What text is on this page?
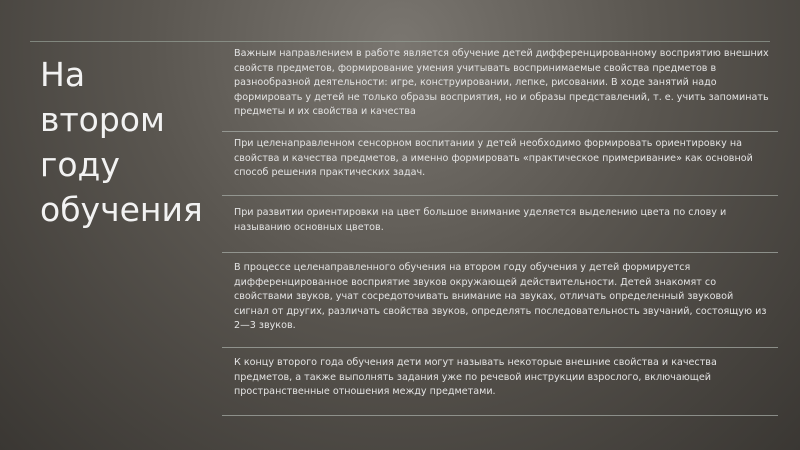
На
втором
году
обучения
Важным направлением в работе является обучение детей дифференцированному восприятию внешних свойств предметов, формирование умения учитывать воспринимаемые свойства предметов в разнообразной деятельности: игре, конструировании, лепке, рисовании. В ходе занятий надо формировать у детей не только образы восприятия, но и образы представлений, т. е. учить запоминать предметы и их свойства и качества
При целенаправленном сенсорном воспитании у детей необходимо формировать ориентировку на свойства и качества предметов, а именно формировать «практическое примеривание» как основной способ решения практических задач.
При развитии ориентировки на цвет большое внимание уделяется выделению цвета по слову и называнию основных цветов.
В процессе целенаправленного обучения на втором году обучения у детей формируется дифференцированное восприятие звуков окружающей действительности. Детей знакомят со свойствами звуков, учат сосредоточивать внимание на звуках, отличать определенный звуковой сигнал от других, различать свойства звуков, определять последовательность звучаний, состоящую из 2—3 звуков.
К концу второго года обучения дети могут называть некоторые внешние свойства и качества предметов, а также выполнять задания уже по речевой инструкции взрослого, включающей пространственные отношения между предметами.
